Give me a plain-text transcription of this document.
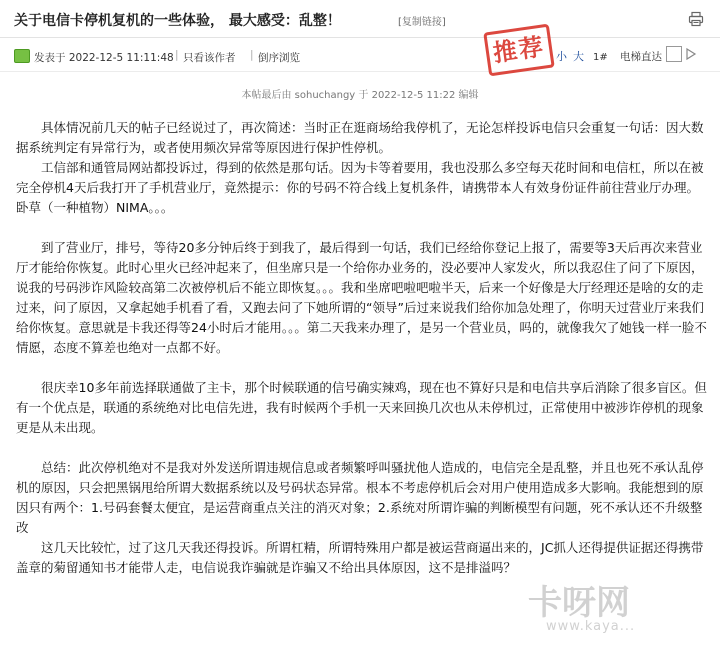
关于电信卡停机复机的一些体验， 最大感受：乱整！	[复制链接]
发表于 2022-12-5 11:11:48 | 只看该作者 | 倒序浏览	小 大 1# 电梯直达
推荐
本帖最后由 sohuchangy 于 2022-12-5 11:22 编辑

具体情况前几天的帖子已经说过了，再次简述：当时正在逛商场给我停机了，无论怎样投诉电信只会重复一句话：因大数据系统判定有异常行为，或者使用频次异常等原因进行保护性停机。

工信部和通管局网站都投诉过，得到的依然是那句话。因为卡等着要用，我也没那么多空每天花时间和电信杠，所以在被完全停机4天后我打开了手机营业厅，竟然提示：你的号码不符合线上复机条件，请携带本人有效身份证件前往营业厅办理。卧草（一种植物）NIMA。。。

到了营业厅，排号，等待20多分钟后终于到我了，最后得到一句话，我们已经给你登记上报了，需要等3天后再次来营业厅才能给你恢复。此时心里火已经冲起来了，但坐席只是一个给你办业务的，没必要冲人家发火，所以我忍住了问了下原因，说我的号码涉诈风险较高第二次被停机后不能立即恢复。。。我和坐席吧啦吧啦半天，后来一个好像是大厅经理还是啥的女的走过来，问了原因，又拿起她手机看了看，又跑去问了下她所谓的“领导”后过来说我们给你加急处理了，你明天过营业厅来我们给你恢复。意思就是卡我还得等24小时后才能用。。。第二天我来办理了，是另一个营业员，吗的，就像我欠了她钱一样一脸不情愿，态度不算差也绝对一点都不好。

很庆幸10多年前选择联通做了主卡，那个时候联通的信号确实辣鸡，现在也不算好只是和电信共享后消除了很多盲区。但有一个优点是，联通的系统绝对比电信先进，我有时候两个手机一天来回换几次也从未停机过，正常使用中被涉诈停机的现象更是从未出现。

总结：此次停机绝对不是我对外发送所谓违规信息或者频繁呼叫骚扰他人造成的，电信完全是乱整，并且也死不承认乱停机的原因，只会把黑锅甩给所谓大数据系统以及号码状态异常。根本不考虑停机后会对用户使用造成多大影响。我能想到的原因只有两个：1.号码套餐太便宜，是运营商重点关注的消灭对象；2.系统对所谓诈骗的判断模型有问题，死不承认还不升级整改

这几天比较忙，过了这几天我还得投诉。所谓杠精，所谓特殊用户都是被运营商逼出来的，JC抓人还得提供证据还得携带盖章的菊留通知书才能带人走，电信说我诈骗就是诈骗又不给出具体原因，这不是排溢吗？

卡呀网
www.kaya...
